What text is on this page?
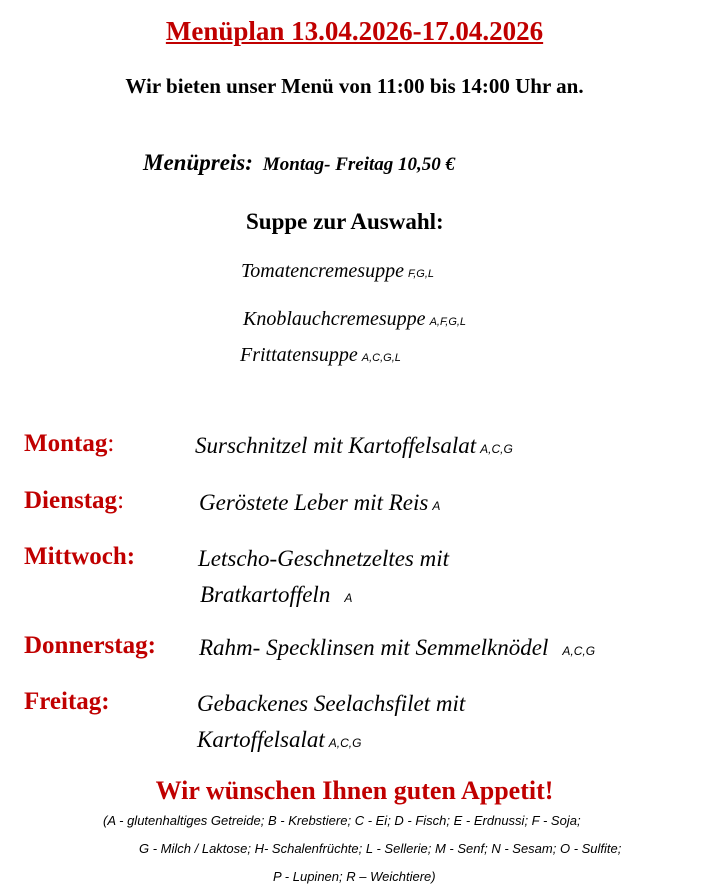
Menüplan 13.04.2026-17.04.2026
Wir bieten unser Menü von 11:00 bis 14:00 Uhr an.
Menüpreis: Montag- Freitag 10,50 €
Suppe zur Auswahl:
Tomatencremesuppe F,G,L
Knoblauchcremesuppe A,F,G,L
Frittatensuppe A,C,G,L
Montag:	Surschnitzel mit Kartoffelsalat A,C,G
Dienstag:	Geröstete Leber mit Reis A
Mittwoch:	Letscho-Geschnetzeltes mit
Bratkartoffeln A
Donnerstag: Rahm- Specklinsen mit Semmelknödel A,C,G
Freitag:	Gebackenes Seelachsfilet mit
Kartoffelsalat A,C,G
Wir wünschen Ihnen guten Appetit!
(A - glutenhaltiges Getreide; B - Krebstiere; C - Ei; D - Fisch; E - Erdnussi; F - Soja;
G - Milch / Laktose; H- Schalenfrüchte; L - Sellerie; M - Senf; N - Sesam; O - Sulfite;
P - Lupinen; R – Weichtiere)
